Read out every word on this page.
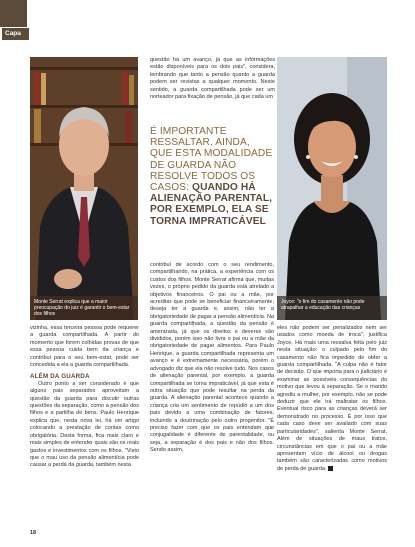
Capa
Monte Serrat explica que a maior preocupação do juiz é garantir o bem-estar dos filhos

questão há um avanço, já que as informações estão disponíveis para os dois pais", considera, lembrando que tanto a pensão quanto a guarda podem ser revistas a qualquer momento. Neste sentido, a guarda compartilhada pode ser um norteador para fixação de pensão, já que cada um

É IMPORTANTE RESSALTAR, AINDA, QUE ESTA MODALIDADE DE GUARDA NÃO RESOLVE TODOS OS CASOS: QUANDO HÁ ALIENAÇÃO PARENTAL, POR EXEMPLO, ELA SE TORNA IMPRATICÁVEL
Joyce: "o fim do casamento não pode atrapalhar a educação das crianças

vizinha, essa terceira pessoa pode requerer a guarda compartilhada. A partir do momento que forem colhidas provas de que essa pessoa cuida bem da criança e contribui para o seu bem-estar, pode ser concedida a ela a guarda compartilhada.

ALÉM DA GUARDA

Outro ponto a ser considerado é que alguns pais separados aproveitam a questão da guarda para discutir outras questões da separação, como a pensão dos filhos e a partilha de bens. Paulo Henrique explica que, nesta nova lei, há um artigo colocando a prestação de contas como obrigatória. Desta forma, fica mais claro e mais simples de entender quais são os reais gastos e investimentos com os filhos. "Visto que o mau uso da pensão alimentícia pode causar a perda da guarda, também nesta

contribui de acordo com o seu rendimento, compartilhando, na prática, a experiência com os custos dos filhos. Monte Serrat afirma que, muitas vezes, o próprio pedido da guarda está atrelado a objetivos financeiros. O pai ou a mãe, por acreditar que pode se beneficiar financeiramente, deseja ter a guarda e, assim, não ter a obrigatoriedade de pagar a pensão alimentícia. Na guarda compartilhada, a questão da pensão é amenizada, já que os direitos e deveres são divididos, porém isso não livra o pai ou a mãe da obrigatoriedade de pagar alimentos. Para Paulo Henrique, a guarda compartilhada representa um avanço e é extremamente necessária, porém o advogado diz que ela não resolve tudo. Nos casos de alienação parental, por exemplo, a guarda compartilhada se torna impraticável, já que esta é outra situação que pode resultar na perda da guarda. A alienação parental acontece quando a criança cria um sentimento de repúdio a um dos pais devido a uma combinação de fatores, incluindo a doutrinação pelo outro progenitor. "É preciso fazer com que os pais entendam que conjugalidade é diferente de parentalidade, ou seja, a separação é dos pais e não dos filhos. Sendo assim,

eles não podem ser penalizados nem ser usados como moeda de troca", justifica Joyce. Há mais uma ressalva feita pelo juiz nesta situação: o culpado pelo fim do casamento não fica impedido de obter a guarda compartilhada. "A culpa não é fator de decisão. O que importa para o judiciário é examinar as possíveis consequências do motivo que levou à separação. Se o marido agrediu a mulher, por exemplo, não se pode deduzir que ele irá maltratar os filhos. Eventual risco para as crianças deverá ser demonstrado no processo. É por isso que cada caso deve ser avaliado com suas particularidades", salienta Monte Serrat. Além de situações de maus tratos, circunstâncias em que o pai ou a mãe apresentam vício de álcool ou drogas também são caracterizadas como motivos de perda de guarda.

18
